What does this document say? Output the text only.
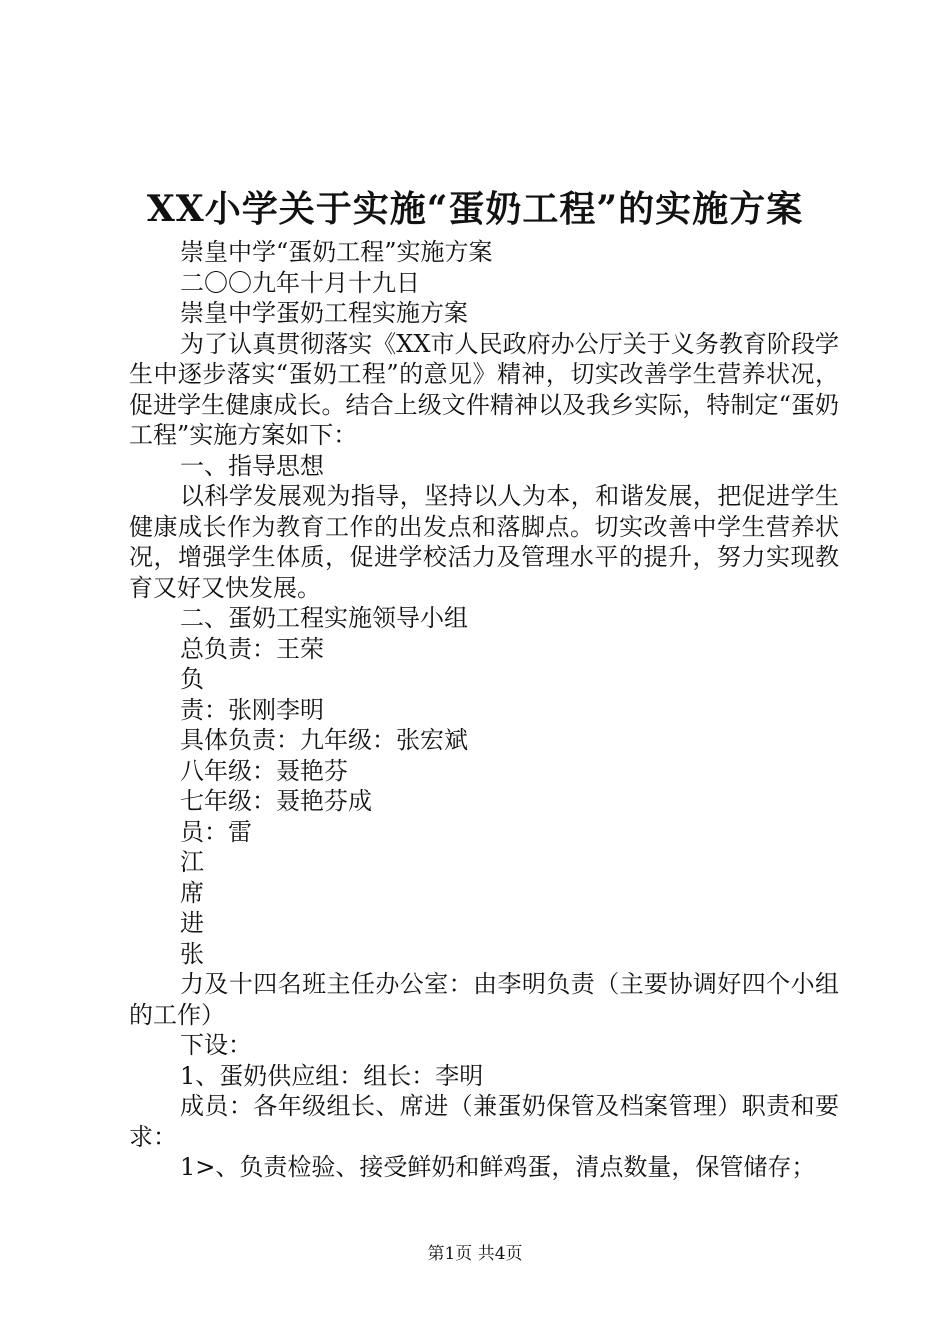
XX小学关于实施“蛋奶工程”的实施方案

崇皇中学“蛋奶工程”实施方案

二〇〇九年十月十九日

崇皇中学蛋奶工程实施方案

为了认真贯彻落实《XX市人民政府办公厅关于义务教育阶段学生中逐步落实“蛋奶工程”的意见》精神，切实改善学生营养状况，促进学生健康成长。结合上级文件精神以及我乡实际，特制定“蛋奶工程”实施方案如下：

一、指导思想

以科学发展观为指导，坚持以人为本，和谐发展，把促进学生健康成长作为教育工作的出发点和落脚点。切实改善中学生营养状况，增强学生体质，促进学校活力及管理水平的提升，努力实现教育又好又快发展。

二、蛋奶工程实施领导小组

总负责：王荣

负

责：张刚李明

具体负责：九年级：张宏斌

八年级：聂艳芬

七年级：聂艳芬成

员：雷

江

席

进

张

力及十四名班主任办公室：由李明负责（主要协调好四个小组的工作）

下设：

1、蛋奶供应组：组长：李明

成员：各年级组长、席进（兼蛋奶保管及档案管理）职责和要求：

1>、负责检验、接受鲜奶和鲜鸡蛋，清点数量，保管储存；

第1页 共4页
